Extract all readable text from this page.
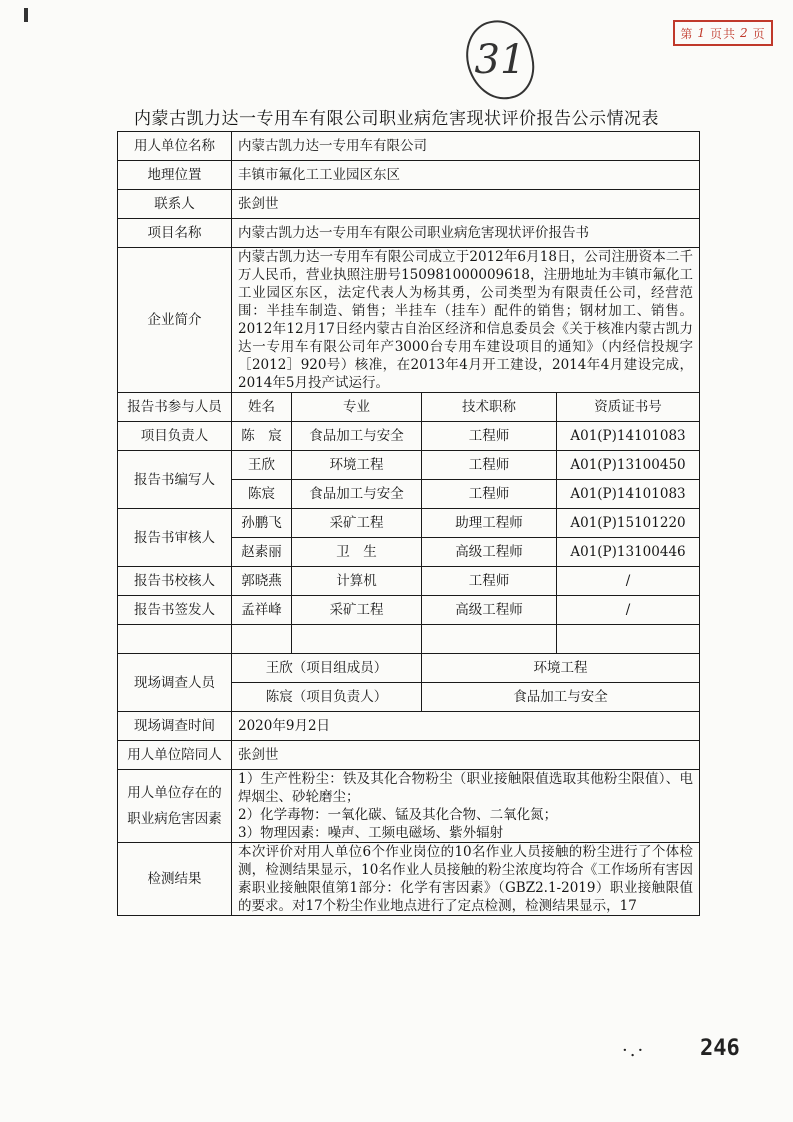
第 1 页共 2 页
31
内蒙古凯力达一专用车有限公司职业病危害现状评价报告公示情况表
用人单位名称	内蒙古凯力达一专用车有限公司			
地理位置	丰镇市氟化工工业园区东区			
联系人	张剑世			
项目名称	内蒙古凯力达一专用车有限公司职业病危害现状评价报告书			
企业简介	内蒙古凯力达一专用车有限公司成立于2012年6月18日，公司注册资本二千万人民币，营业执照注册号150981000009618，注册地址为丰镇市氟化工工业园区东区，法定代表人为杨其勇，公司类型为有限责任公司，经营范围：半挂车制造、销售；半挂车（挂车）配件的销售；钢材加工、销售。2012年12月17日经内蒙古自治区经济和信息委员会《关于核准内蒙古凯力达一专用车有限公司年产3000台专用车建设项目的通知》（内经信投规字［2012］920号）核准，在2013年4月开工建设，2014年4月建设完成，2014年5月投产试运行。			
报告书参与人员	姓名	专业	技术职称	资质证书号
项目负责人	陈　宸	食品加工与安全	工程师	A01(P)14101083
报告书编写人	王欣	环境工程	工程师	A01(P)13100450
	陈宸	食品加工与安全	工程师	A01(P)14101083
报告书审核人	孙鹏飞	采矿工程	助理工程师	A01(P)15101220
	赵素丽	卫　生	高级工程师	A01(P)13100446
报告书校核人	郭晓燕	计算机	工程师	/
报告书签发人	孟祥峰	采矿工程	高级工程师	/

现场调查人员	王欣（项目组成员）		环境工程	
	陈宸（项目负责人）		食品加工与安全	
现场调查时间	2020年9月2日			
用人单位陪同人	张剑世			

用人单位存在的
职业病危害因素	1）生产性粉尘：铁及其化合物粉尘（职业接触限值选取其他粉尘限值）、电焊烟尘、砂轮磨尘；
2）化学毒物：一氧化碳、锰及其化合物、二氧化氮；
3）物理因素：噪声、工频电磁场、紫外辐射			

检测结果	本次评价对用人单位6个作业岗位的10名作业人员接触的粉尘进行了个体检测，检测结果显示，10名作业人员接触的粉尘浓度均符合《工作场所有害因素职业接触限值第1部分：化学有害因素》（GBZ2.1-2019）职业接触限值的要求。对17个粉尘作业地点进行了定点检测，检测结果显示，17			
·.· 246
